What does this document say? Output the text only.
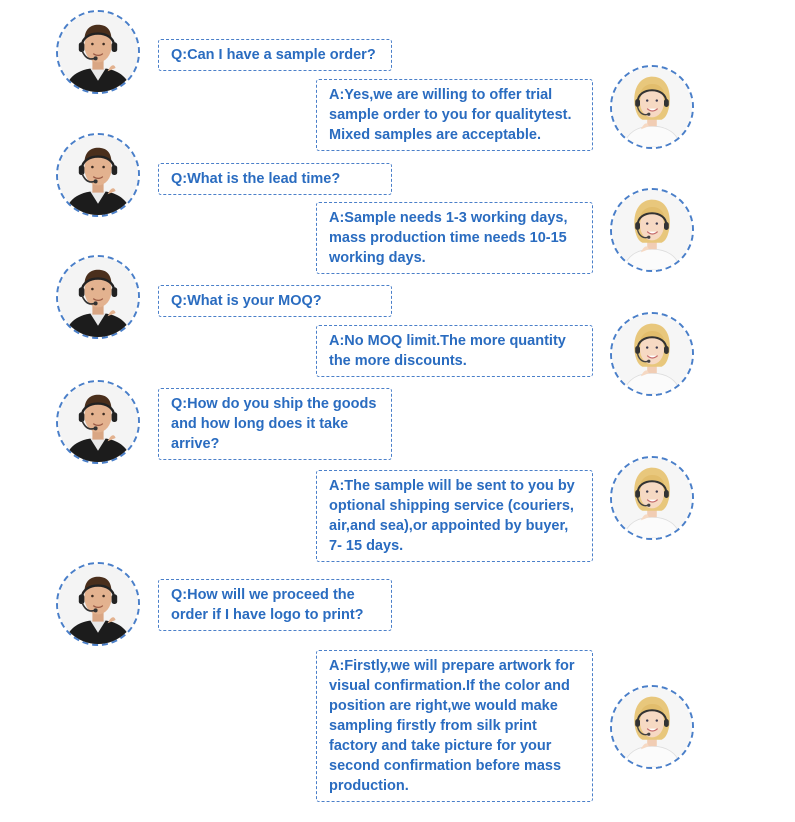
Q:Can I have a sample order?
A:Yes,we are willing to offer trial sample order to you for qualitytest. Mixed samples are acceptable.
Q:What is the lead time?
A:Sample needs 1-3 working days, mass production time needs 10-15 working days.
Q:What is your MOQ?
A:No MOQ limit.The more quantity the more discounts.
Q:How do you ship the goods and how long does it take arrive?
A:The sample will be sent to you by optional shipping service (couriers, air,and sea),or appointed by buyer, 7- 15 days.
Q:How will we proceed the order if I have logo to print?
A:Firstly,we will prepare artwork for visual confirmation.If the color and position are right,we would make sampling firstly from silk print factory and take picture for your second confirmation before mass production.
